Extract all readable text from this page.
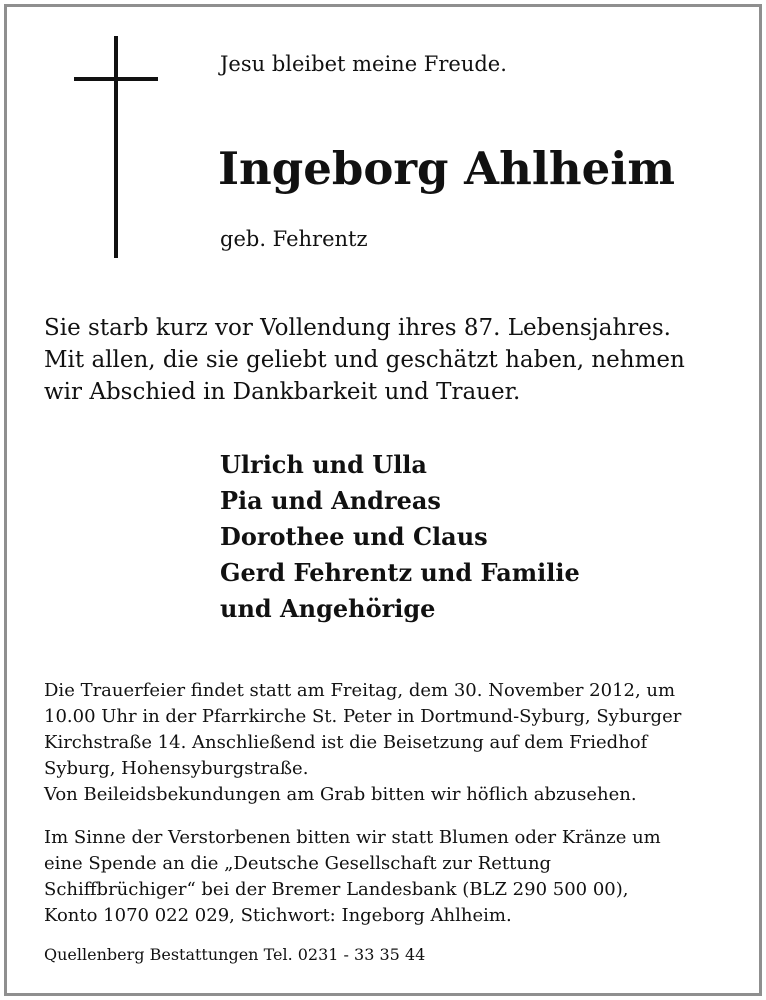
Jesu bleibet meine Freude.
Ingeborg Ahlheim
geb. Fehrentz
Sie starb kurz vor Vollendung ihres 87. Lebensjahres.
Mit allen, die sie geliebt und geschätzt haben, nehmen
wir Abschied in Dankbarkeit und Trauer.
Ulrich und Ulla
Pia und Andreas
Dorothee und Claus
Gerd Fehrentz und Familie
und Angehörige
Die Trauerfeier findet statt am Freitag, dem 30. November 2012, um
10.00 Uhr in der Pfarrkirche St. Peter in Dortmund-Syburg, Syburger
Kirchstraße 14. Anschließend ist die Beisetzung auf dem Friedhof
Syburg, Hohensyburgstraße.
Von Beileidsbekundungen am Grab bitten wir höflich abzusehen.
Im Sinne der Verstorbenen bitten wir statt Blumen oder Kränze um
eine Spende an die „Deutsche Gesellschaft zur Rettung
Schiffbrüchiger“ bei der Bremer Landesbank (BLZ 290 500 00),
Konto 1070 022 029, Stichwort: Ingeborg Ahlheim.
Quellenberg Bestattungen Tel. 0231 - 33 35 44
